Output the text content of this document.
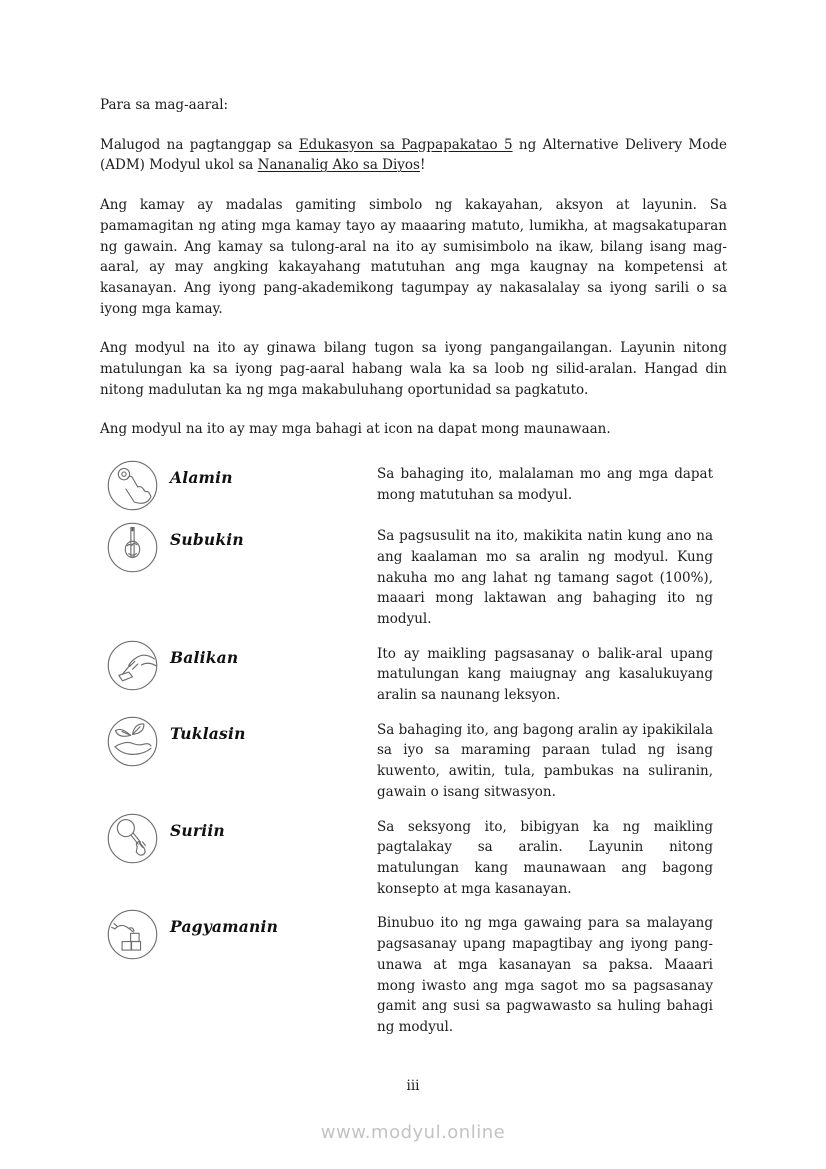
Para sa mag-aaral:

Malugod na pagtanggap sa Edukasyon sa Pagpapakatao 5 ng Alternative Delivery Mode (ADM) Modyul ukol sa Nananalig Ako sa Diyos!

Ang kamay ay madalas gamiting simbolo ng kakayahan, aksyon at layunin. Sa pamamagitan ng ating mga kamay tayo ay maaaring matuto, lumikha, at magsakatuparan ng gawain. Ang kamay sa tulong-aral na ito ay sumisimbolo na ikaw, bilang isang mag-aaral, ay may angking kakayahang matutuhan ang mga kaugnay na kompetensi at kasanayan. Ang iyong pang-akademikong tagumpay ay nakasalalay sa iyong sarili o sa iyong mga kamay.

Ang modyul na ito ay ginawa bilang tugon sa iyong pangangailangan. Layunin nitong matulungan ka sa iyong pag-aaral habang wala ka sa loob ng silid-aralan. Hangad din nitong madulutan ka ng mga makabuluhang oportunidad sa pagkatuto.

Ang modyul na ito ay may mga bahagi at icon na dapat mong maunawaan.

Alamin	Sa bahaging ito, malalaman mo ang mga dapat mong matutuhan sa modyul.
Subukin	Sa pagsusulit na ito, makikita natin kung ano na ang kaalaman mo sa aralin ng modyul. Kung nakuha mo ang lahat ng tamang sagot (100%), maaari mong laktawan ang bahaging ito ng modyul.
Balikan	Ito ay maikling pagsasanay o balik-aral upang matulungan kang maiugnay ang kasalukuyang aralin sa naunang leksyon.
Tuklasin	Sa bahaging ito, ang bagong aralin ay ipakikilala sa iyo sa maraming paraan tulad ng isang kuwento, awitin, tula, pambukas na suliranin, gawain o isang sitwasyon.
Suriin	Sa seksyong ito, bibigyan ka ng maikling pagtalakay sa aralin. Layunin nitong matulungan kang maunawaan ang bagong konsepto at mga kasanayan.
Pagyamanin	Binubuo ito ng mga gawaing para sa malayang pagsasanay upang mapagtibay ang iyong pang-unawa at mga kasanayan sa paksa. Maaari mong iwasto ang mga sagot mo sa pagsasanay gamit ang susi sa pagwawasto sa huling bahagi ng modyul.
iii
www.modyul.online
